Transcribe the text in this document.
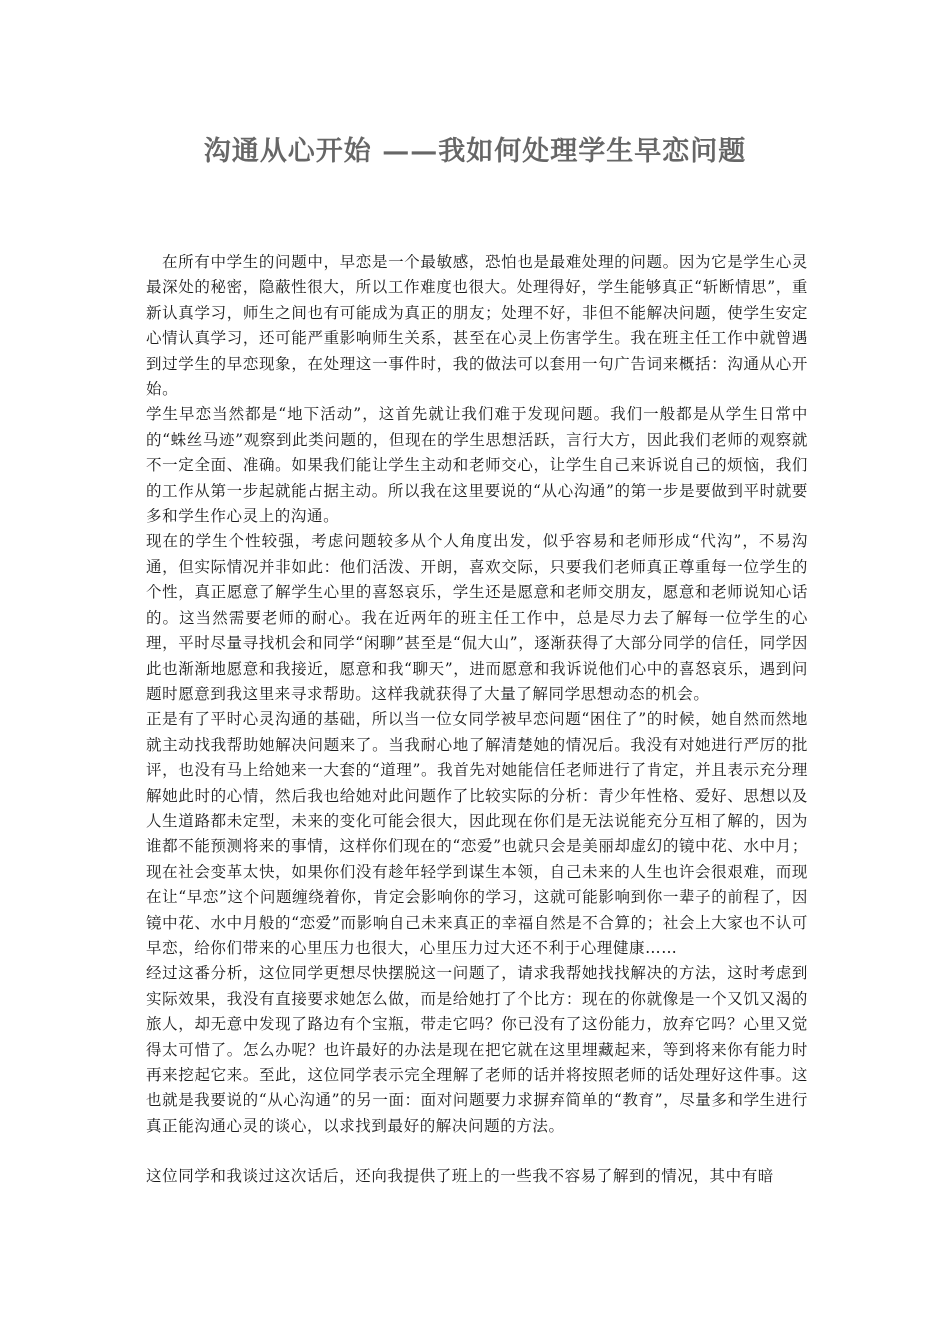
沟通从心开始 ——我如何处理学生早恋问题

在所有中学生的问题中，早恋是一个最敏感，恐怕也是最难处理的问题。因为它是学生心灵最深处的秘密，隐蔽性很大，所以工作难度也很大。处理得好，学生能够真正“斩断情思”，重新认真学习，师生之间也有可能成为真正的朋友；处理不好，非但不能解决问题，使学生安定心情认真学习，还可能严重影响师生关系，甚至在心灵上伤害学生。我在班主任工作中就曾遇到过学生的早恋现象，在处理这一事件时，我的做法可以套用一句广告词来概括：沟通从心开始。

学生早恋当然都是“地下活动”，这首先就让我们难于发现问题。我们一般都是从学生日常中的“蛛丝马迹”观察到此类问题的，但现在的学生思想活跃，言行大方，因此我们老师的观察就不一定全面、准确。如果我们能让学生主动和老师交心，让学生自己来诉说自己的烦恼，我们的工作从第一步起就能占据主动。所以我在这里要说的“从心沟通”的第一步是要做到平时就要多和学生作心灵上的沟通。

现在的学生个性较强，考虑问题较多从个人角度出发，似乎容易和老师形成“代沟”，不易沟通，但实际情况并非如此：他们活泼、开朗，喜欢交际，只要我们老师真正尊重每一位学生的个性，真正愿意了解学生心里的喜怒哀乐，学生还是愿意和老师交朋友，愿意和老师说知心话的。这当然需要老师的耐心。我在近两年的班主任工作中，总是尽力去了解每一位学生的心理，平时尽量寻找机会和同学“闲聊”甚至是“侃大山”，逐渐获得了大部分同学的信任，同学因此也渐渐地愿意和我接近，愿意和我“聊天”，进而愿意和我诉说他们心中的喜怒哀乐，遇到问题时愿意到我这里来寻求帮助。这样我就获得了大量了解同学思想动态的机会。

正是有了平时心灵沟通的基础，所以当一位女同学被早恋问题“困住了”的时候，她自然而然地就主动找我帮助她解决问题来了。当我耐心地了解清楚她的情况后。我没有对她进行严厉的批评，也没有马上给她来一大套的“道理”。我首先对她能信任老师进行了肯定，并且表示充分理解她此时的心情，然后我也给她对此问题作了比较实际的分析：青少年性格、爱好、思想以及人生道路都未定型，未来的变化可能会很大，因此现在你们是无法说能充分互相了解的，因为谁都不能预测将来的事情，这样你们现在的“恋爱”也就只会是美丽却虚幻的镜中花、水中月；现在社会变革太快，如果你们没有趁年轻学到谋生本领，自己未来的人生也许会很艰难，而现在让“早恋”这个问题缠绕着你，肯定会影响你的学习，这就可能影响到你一辈子的前程了，因镜中花、水中月般的“恋爱”而影响自己未来真正的幸福自然是不合算的；社会上大家也不认可早恋，给你们带来的心里压力也很大，心里压力过大还不利于心理健康……

经过这番分析，这位同学更想尽快摆脱这一问题了，请求我帮她找找解决的方法，这时考虑到实际效果，我没有直接要求她怎么做，而是给她打了个比方：现在的你就像是一个又饥又渴的旅人，却无意中发现了路边有个宝瓶，带走它吗？你已没有了这份能力，放弃它吗？心里又觉得太可惜了。怎么办呢？也许最好的办法是现在把它就在这里埋藏起来，等到将来你有能力时再来挖起它来。至此，这位同学表示完全理解了老师的话并将按照老师的话处理好这件事。这也就是我要说的“从心沟通”的另一面：面对问题要力求摒弃简单的“教育”，尽量多和学生进行真正能沟通心灵的谈心，以求找到最好的解决问题的方法。

这位同学和我谈过这次话后，还向我提供了班上的一些我不容易了解到的情况，其中有暗
